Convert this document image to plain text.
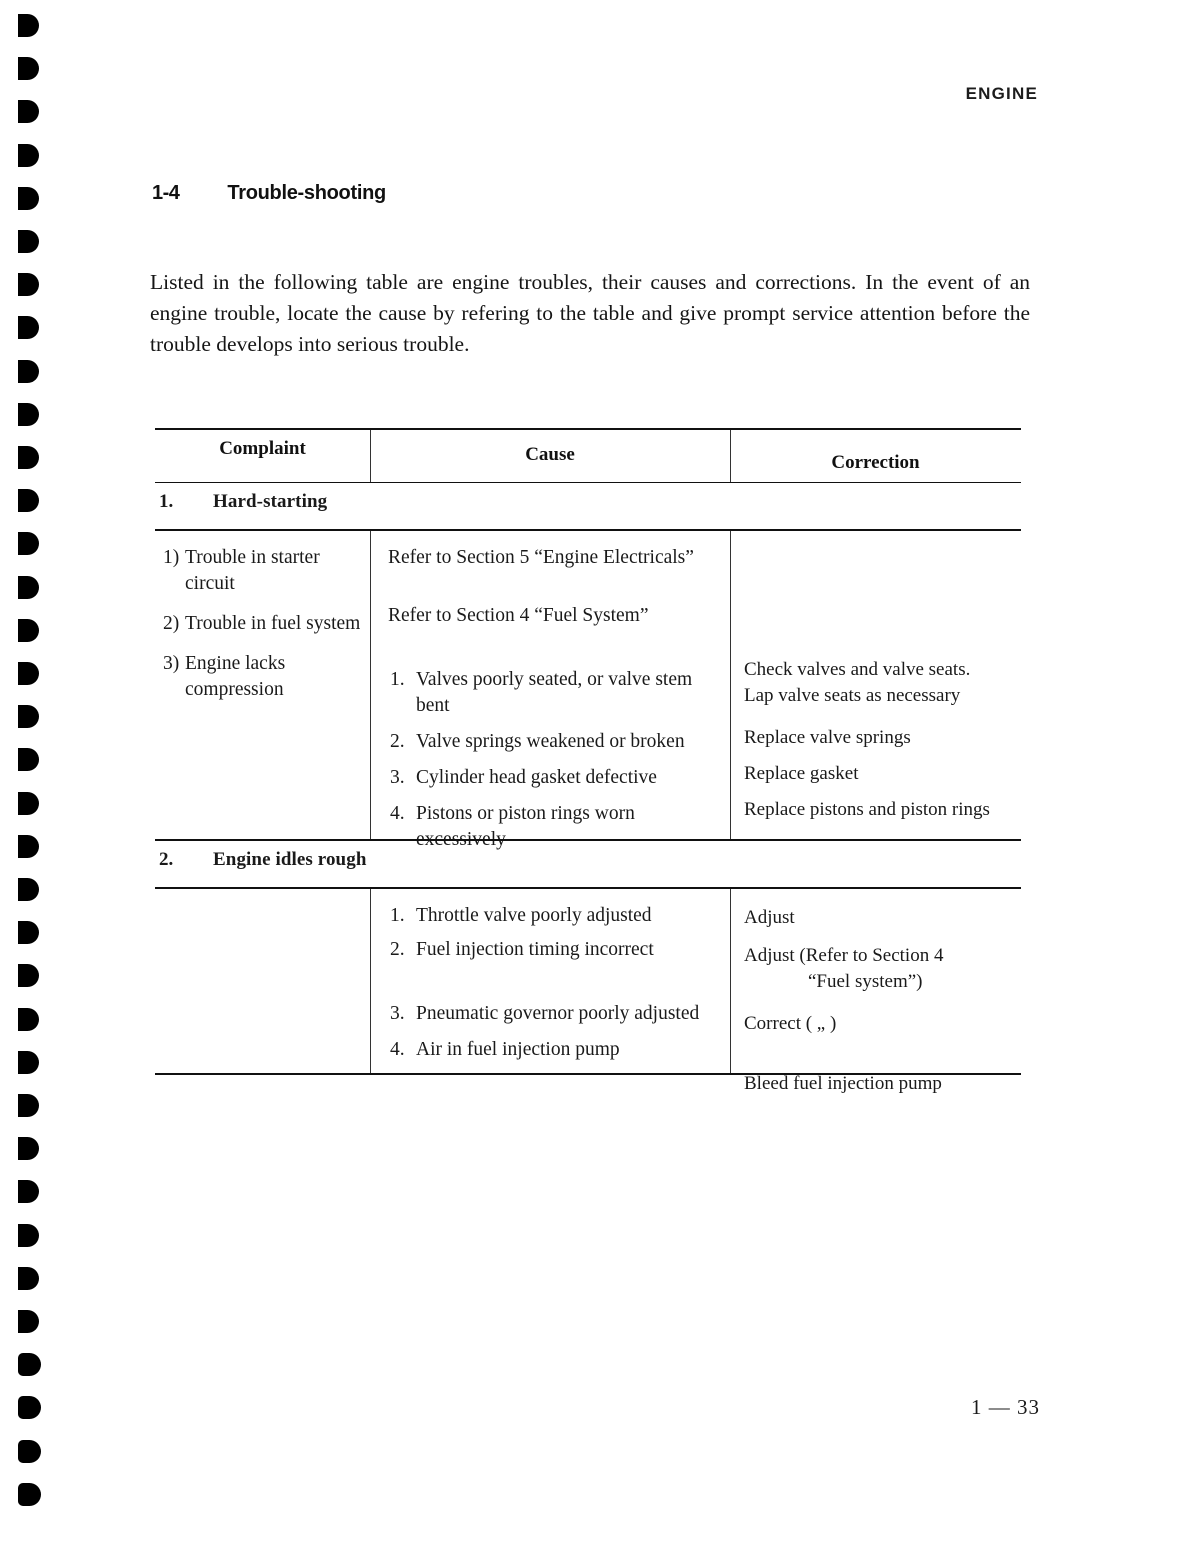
ENGINE
1-4 Trouble-shooting

Listed in the following table are engine troubles, their causes and corrections. In the event of an engine trouble, locate the cause by refering to the table and give prompt service attention before the trouble develops into serious trouble.

Complaint	Cause	Correction
1. Hard-starting
1) Trouble in starter circuit
2) Trouble in fuel system
3) Engine lacks compression
Refer to Section 5 “Engine Electricals”
Refer to Section 4 “Fuel System”
1. Valves poorly seated, or valve stem bent
2. Valve springs weakened or broken
3. Cylinder head gasket defective
4. Pistons or piston rings worn excessively
Check valves and valve seats.
Lap valve seats as necessary
Replace valve springs
Replace gasket
Replace pistons and piston rings
2. Engine idles rough
1. Throttle valve poorly adjusted
2. Fuel injection timing incorrect
3. Pneumatic governor poorly adjusted
4. Air in fuel injection pump
Adjust
Adjust (Refer to Section 4
“Fuel system”)
Correct ( „ )
Bleed fuel injection pump
1 — 33
